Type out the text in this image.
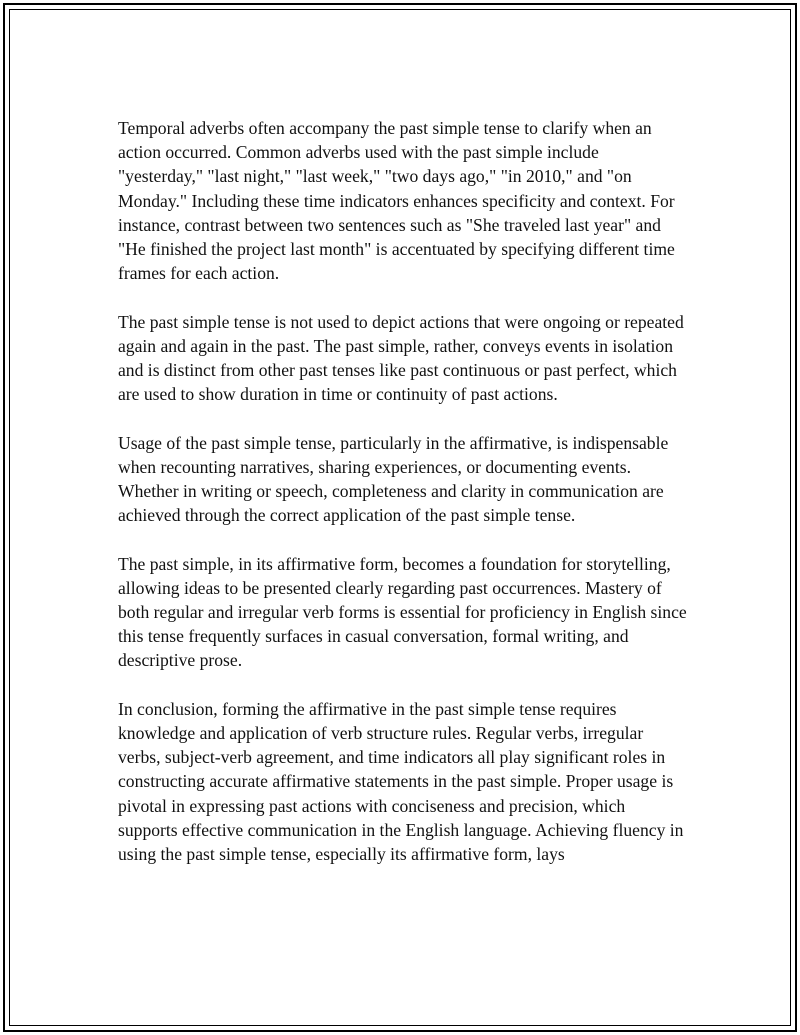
Temporal adverbs often accompany the past simple tense to clarify when an action occurred. Common adverbs used with the past simple include "yesterday," "last night," "last week," "two days ago," "in 2010," and "on Monday." Including these time indicators enhances specificity and context. For instance, contrast between two sentences such as "She traveled last year" and "He finished the project last month" is accentuated by specifying different time frames for each action.

The past simple tense is not used to depict actions that were ongoing or repeated again and again in the past. The past simple, rather, conveys events in isolation and is distinct from other past tenses like past continuous or past perfect, which are used to show duration in time or continuity of past actions.

Usage of the past simple tense, particularly in the affirmative, is indispensable when recounting narratives, sharing experiences, or documenting events. Whether in writing or speech, completeness and clarity in communication are achieved through the correct application of the past simple tense.

The past simple, in its affirmative form, becomes a foundation for storytelling, allowing ideas to be presented clearly regarding past occurrences. Mastery of both regular and irregular verb forms is essential for proficiency in English since this tense frequently surfaces in casual conversation, formal writing, and descriptive prose.

In conclusion, forming the affirmative in the past simple tense requires knowledge and application of verb structure rules. Regular verbs, irregular verbs, subject-verb agreement, and time indicators all play significant roles in constructing accurate affirmative statements in the past simple. Proper usage is pivotal in expressing past actions with conciseness and precision, which supports effective communication in the English language. Achieving fluency in using the past simple tense, especially its affirmative form, lays
